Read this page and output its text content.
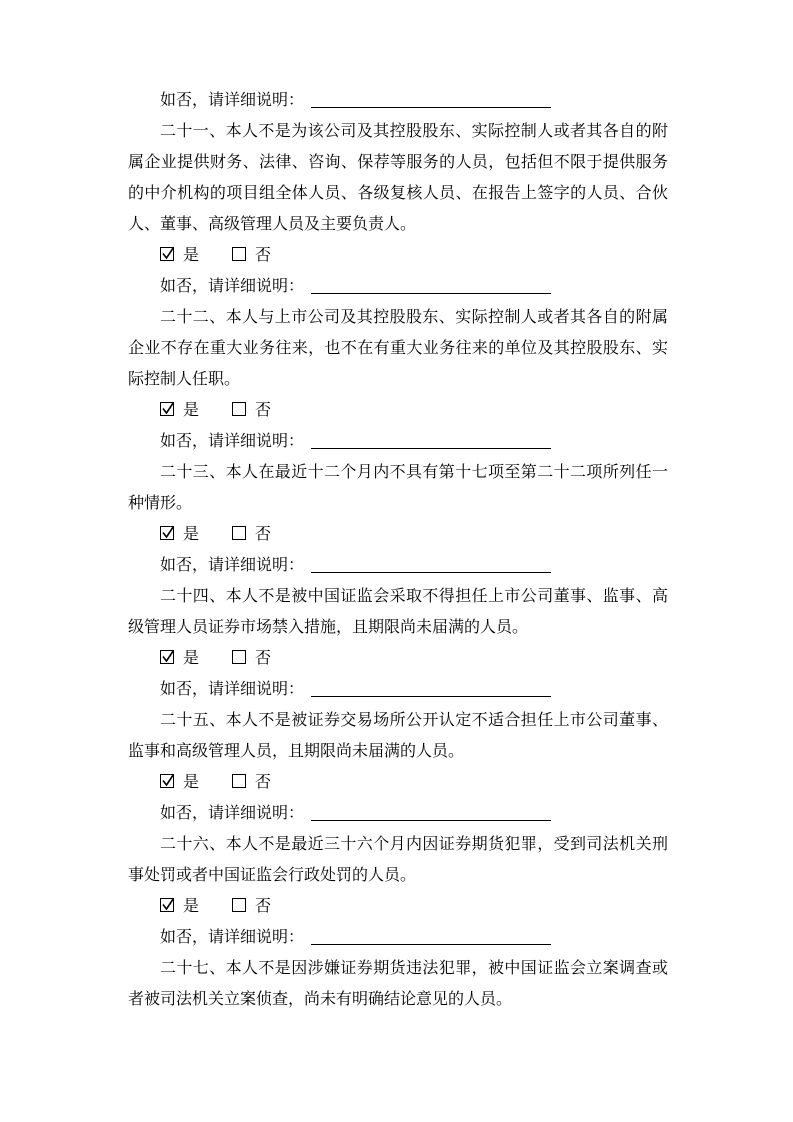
如否，请详细说明：

二十一、本人不是为该公司及其控股股东、实际控制人或者其各自的附属企业提供财务、法律、咨询、保荐等服务的人员，包括但不限于提供服务的中介机构的项目组全体人员、各级复核人员、在报告上签字的人员、合伙人、董事、高级管理人员及主要负责人。

是	否

如否，请详细说明：

二十二、本人与上市公司及其控股股东、实际控制人或者其各自的附属企业不存在重大业务往来，也不在有重大业务往来的单位及其控股股东、实际控制人任职。

是	否

如否，请详细说明：

二十三、本人在最近十二个月内不具有第十七项至第二十二项所列任一种情形。

是	否

如否，请详细说明：

二十四、本人不是被中国证监会采取不得担任上市公司董事、监事、高级管理人员证券市场禁入措施，且期限尚未届满的人员。

是	否

如否，请详细说明：

二十五、本人不是被证券交易场所公开认定不适合担任上市公司董事、监事和高级管理人员，且期限尚未届满的人员。

是	否

如否，请详细说明：

二十六、本人不是最近三十六个月内因证券期货犯罪，受到司法机关刑事处罚或者中国证监会行政处罚的人员。

是	否

如否，请详细说明：

二十七、本人不是因涉嫌证券期货违法犯罪，被中国证监会立案调查或者被司法机关立案侦查，尚未有明确结论意见的人员。
